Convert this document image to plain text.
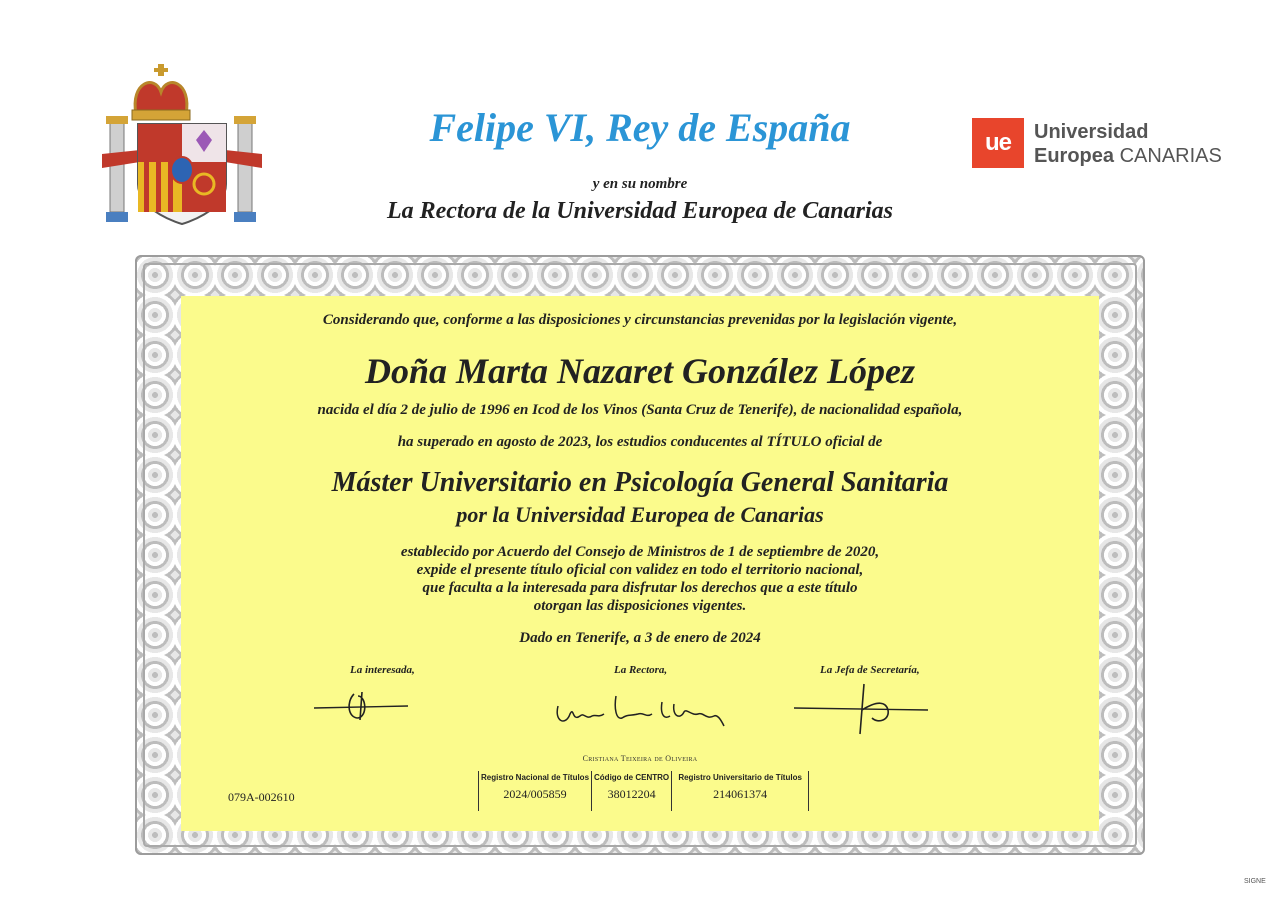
Felipe VI, Rey de España
y en su nombre
La Rectora de la Universidad Europea de Canarias
ue	Universidad
Europea CANARIAS
Considerando que, conforme a las disposiciones y circunstancias prevenidas por la legislación vigente,
Doña Marta Nazaret González López
nacida el día 2 de julio de 1996 en Icod de los Vinos (Santa Cruz de Tenerife), de nacionalidad española,
ha superado en agosto de 2023, los estudios conducentes al TÍTULO oficial de
Máster Universitario en Psicología General Sanitaria
por la Universidad Europea de Canarias
establecido por Acuerdo del Consejo de Ministros de 1 de septiembre de 2020,
expide el presente título oficial con validez en todo el territorio nacional,
que faculta a la interesada para disfrutar los derechos que a este título
otorgan las disposiciones vigentes.
Dado en Tenerife, a 3 de enero de 2024
La interesada,	La Rectora,	La Jefa de Secretaría,
Cristiana Teixeira de Oliveira
Registro Nacional de Títulos	Código de CENTRO	Registro Universitario de Títulos
2024/005859	38012204	214061374
079A-002610
SIGNE
